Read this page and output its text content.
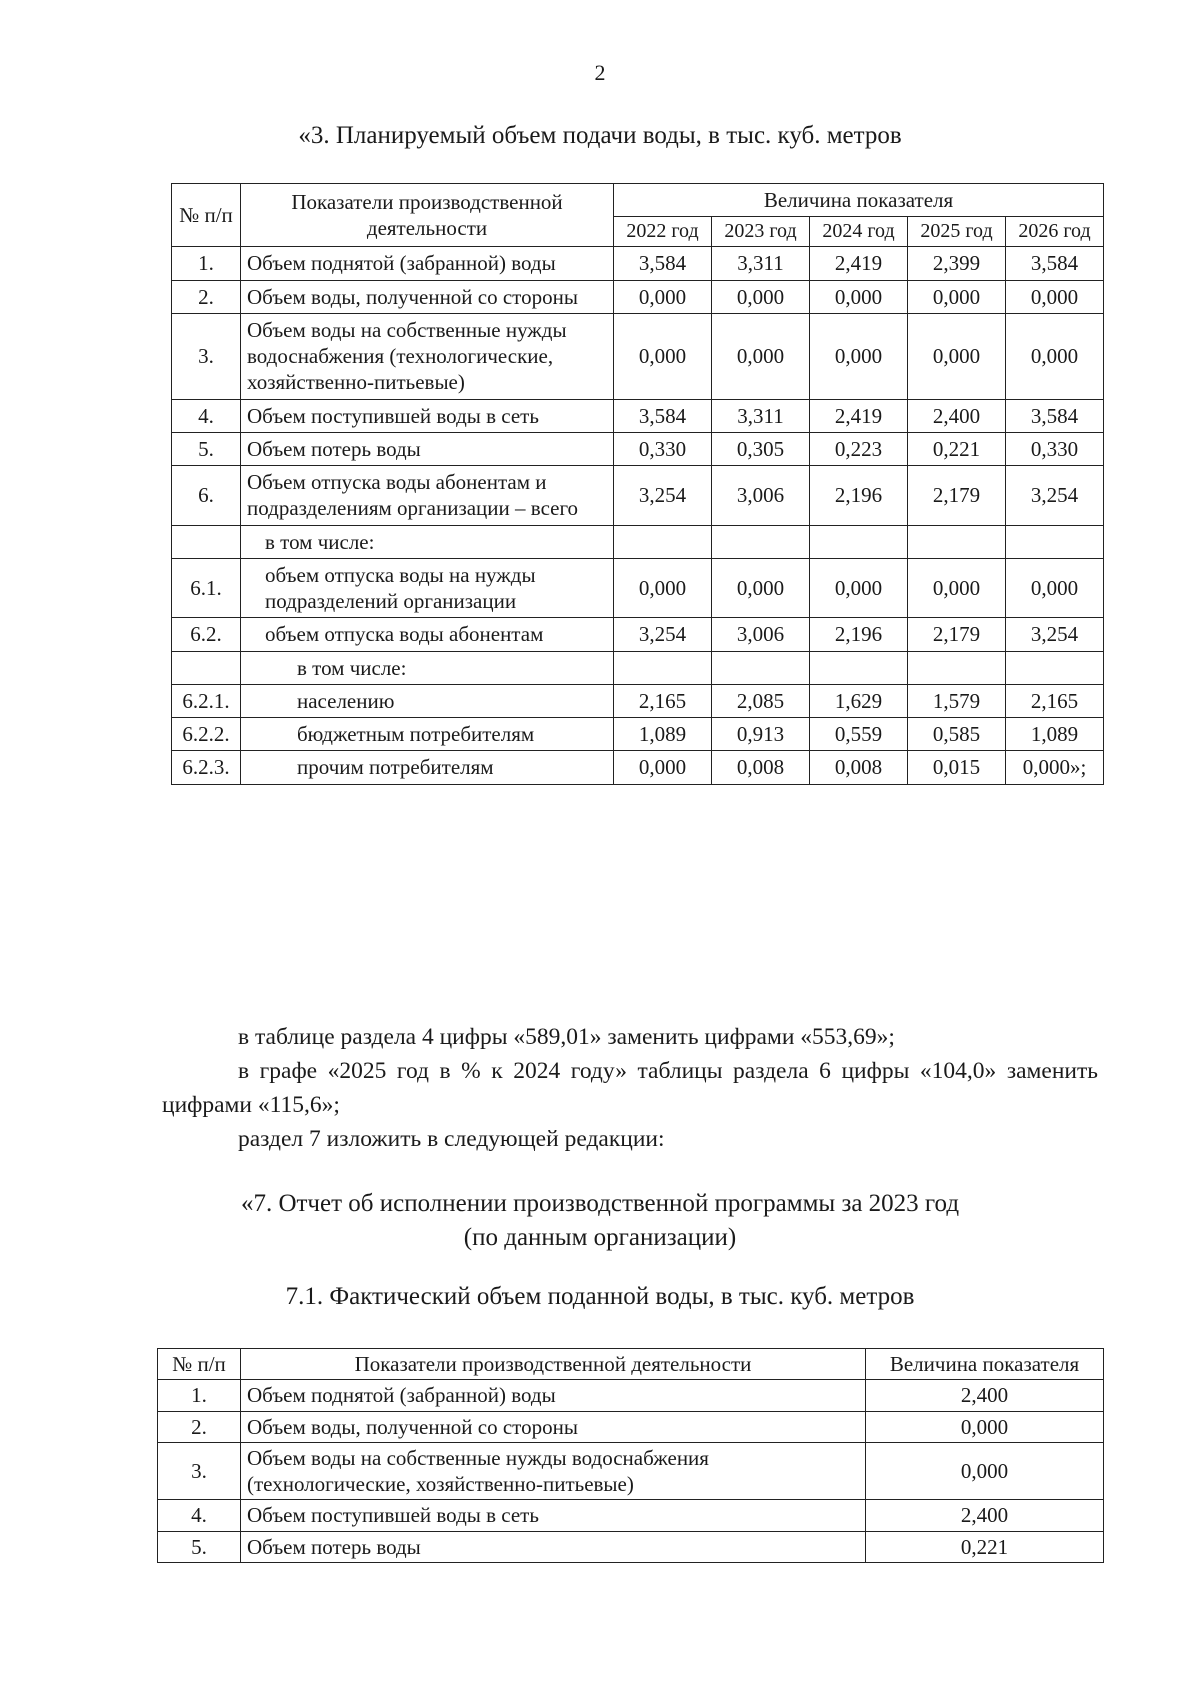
2
«3. Планируемый объем подачи воды, в тыс. куб. метров
№ п/п	Показатели производственной деятельности	Величина показателя				
		2022 год	2023 год	2024 год	2025 год	2026 год
1.	Объем поднятой (забранной) воды	3,584	3,311	2,419	2,399	3,584
2.	Объем воды, полученной со стороны	0,000	0,000	0,000	0,000	0,000
3.	Объем воды на собственные нужды водоснабжения (технологические, хозяйственно-питьевые)	0,000	0,000	0,000	0,000	0,000
4.	Объем поступившей воды в сеть	3,584	3,311	2,419	2,400	3,584
5.	Объем потерь воды	0,330	0,305	0,223	0,221	0,330
6.	Объем отпуска воды абонентам и подразделениям организации – всего	3,254	3,006	2,196	2,179	3,254
	в том числе:					
6.1.	объем отпуска воды на нужды подразделений организации	0,000	0,000	0,000	0,000	0,000
6.2.	объем отпуска воды абонентам	3,254	3,006	2,196	2,179	3,254
	в том числе:					
6.2.1.	населению	2,165	2,085	1,629	1,579	2,165
6.2.2.	бюджетным потребителям	1,089	0,913	0,559	0,585	1,089
6.2.3.	прочим потребителям	0,000	0,008	0,008	0,015	0,000»;
в таблице раздела 4 цифры «589,01» заменить цифрами «553,69»;
в графе «2025 год в % к 2024 году» таблицы раздела 6 цифры «104,0» заменить цифрами «115,6»;
раздел 7 изложить в следующей редакции:
«7. Отчет об исполнении производственной программы за 2023 год
(по данным организации)
7.1. Фактический объем поданной воды, в тыс. куб. метров
№ п/п	Показатели производственной деятельности	Величина показателя
1.	Объем поднятой (забранной) воды	2,400
2.	Объем воды, полученной со стороны	0,000
3.	Объем воды на собственные нужды водоснабжения (технологические, хозяйственно-питьевые)	0,000
4.	Объем поступившей воды в сеть	2,400
5.	Объем потерь воды	0,221
